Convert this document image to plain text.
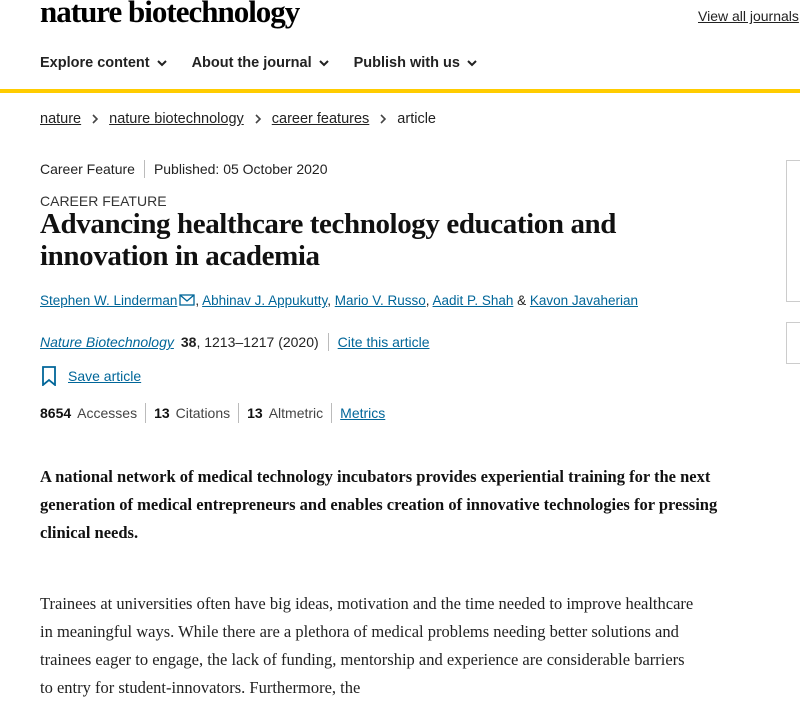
nature biotechnology	View all journals
Explore content	About the journal	Publish with us
nature nature biotechnology career features article
Career Feature Published: 05 October 2020
CAREER FEATURE
Advancing healthcare technology education and innovation in academia
Stephen W. Linderman , Abhinav J. Appukutty, Mario V. Russo, Aadit P. Shah & Kavon Javaherian
Nature Biotechnology 38 , 1213–1217 (2020) Cite this article
Save article
8654 Accesses 13 Citations 13 Altmetric Metrics
A national network of medical technology incubators provides experiential training for the next generation of medical entrepreneurs and enables creation of innovative technologies for pressing clinical needs.
Trainees at universities often have big ideas, motivation and the time needed to improve healthcare in meaningful ways. While there are a plethora of medical problems needing better solutions and trainees eager to engage, the lack of funding, mentorship and experience are considerable barriers to entry for student-innovators. Furthermore, the
